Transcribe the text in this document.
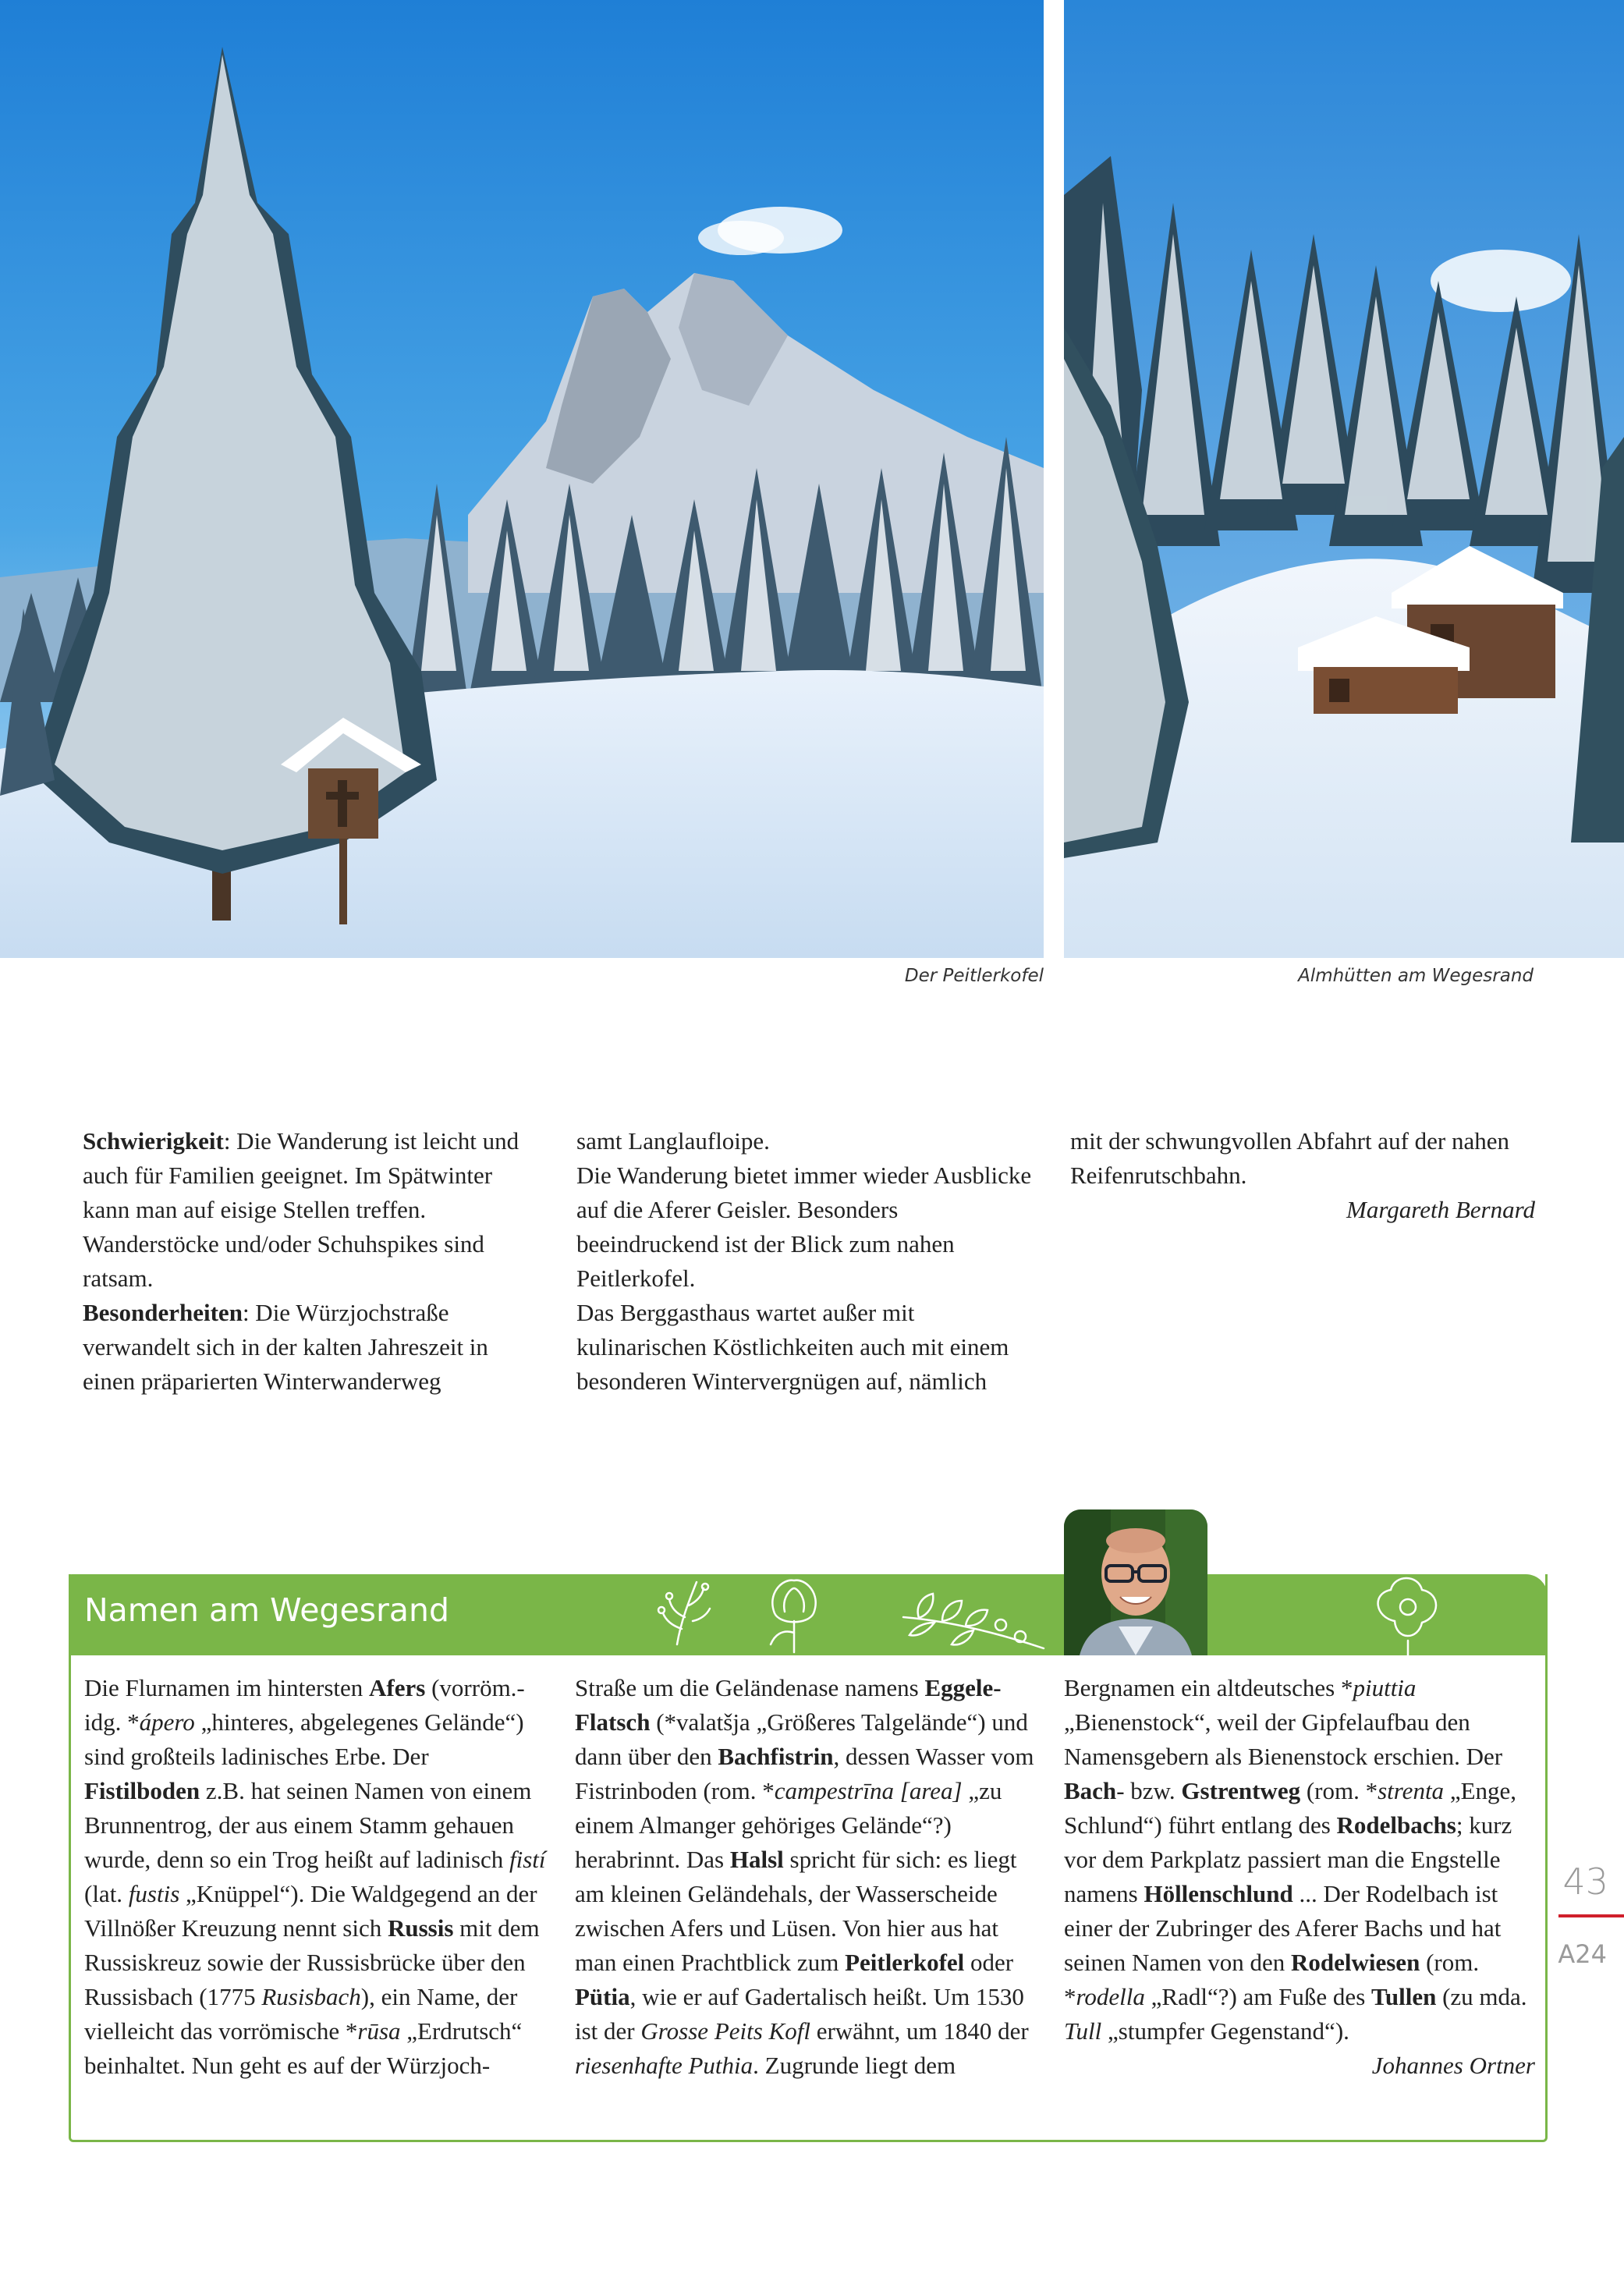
Der Peitlerkofel	Almhütten am Wegesrand

Schwierigkeit: Die Wanderung ist leicht und auch für Familien geeignet. Im Spätwinter kann man auf eisige Stellen treffen. Wanderstöcke und/oder Schuhspikes sind ratsam.

Besonderheiten: Die Würzjochstraße verwandelt sich in der kalten Jahreszeit in einen präparierten Winterwanderweg

samt Langlaufloipe.

Die Wanderung bietet immer wieder Ausblicke auf die Aferer Geisler. Besonders beeindruckend ist der Blick zum nahen Peitlerkofel.

Das Berggasthaus wartet außer mit kulinarischen Köstlichkeiten auch mit einem besonderen Wintervergnügen auf, nämlich

mit der schwungvollen Abfahrt auf der nahen Reifenrutschbahn.

Margareth Bernard

Namen am Wegesrand

Die Flurnamen im hintersten Afers (vorröm.-idg. *ápero „hinteres, abgelegenes Gelände“) sind großteils ladinisches Erbe. Der Fistilboden z.B. hat seinen Namen von einem Brunnentrog, der aus einem Stamm gehauen wurde, denn so ein Trog heißt auf ladinisch fistí (lat. fustis „Knüppel“). Die Waldgegend an der Villnößer Kreuzung nennt sich Russis mit dem Russiskreuz sowie der Russisbrücke über den Russisbach (1775 Rusisbach), ein Name, der vielleicht das vorrömische *rūsa „Erdrutsch“ beinhaltet. Nun geht es auf der Würzjoch-

Straße um die Geländenase namens Eggele-Flatsch (*valatšja „Größeres Talgelände“) und dann über den Bachfistrin, dessen Wasser vom Fistrinboden (rom. *campestrīna [area] „zu einem Almanger gehöriges Gelände“?) herabrinnt. Das Halsl spricht für sich: es liegt am kleinen Geländehals, der Wasserscheide zwischen Afers und Lüsen. Von hier aus hat man einen Prachtblick zum Peitlerkofel oder Pütia, wie er auf Gadertalisch heißt. Um 1530 ist der Grosse Peits Kofl erwähnt, um 1840 der riesenhafte Puthia. Zugrunde liegt dem

Bergnamen ein altdeutsches *piuttia „Bienenstock“, weil der Gipfelaufbau den Namensgebern als Bienenstock erschien. Der Bach- bzw. Gstrentweg (rom. *strenta „Enge, Schlund“) führt entlang des Rodelbachs; kurz vor dem Parkplatz passiert man die Engstelle namens Höllenschlund ... Der Rodelbach ist einer der Zubringer des Aferer Bachs und hat seinen Namen von den Rodelwiesen (rom. *rodella „Radl“?) am Fuße des Tullen (zu mda. Tull „stumpfer Gegenstand“).

Johannes Ortner

43
A24
